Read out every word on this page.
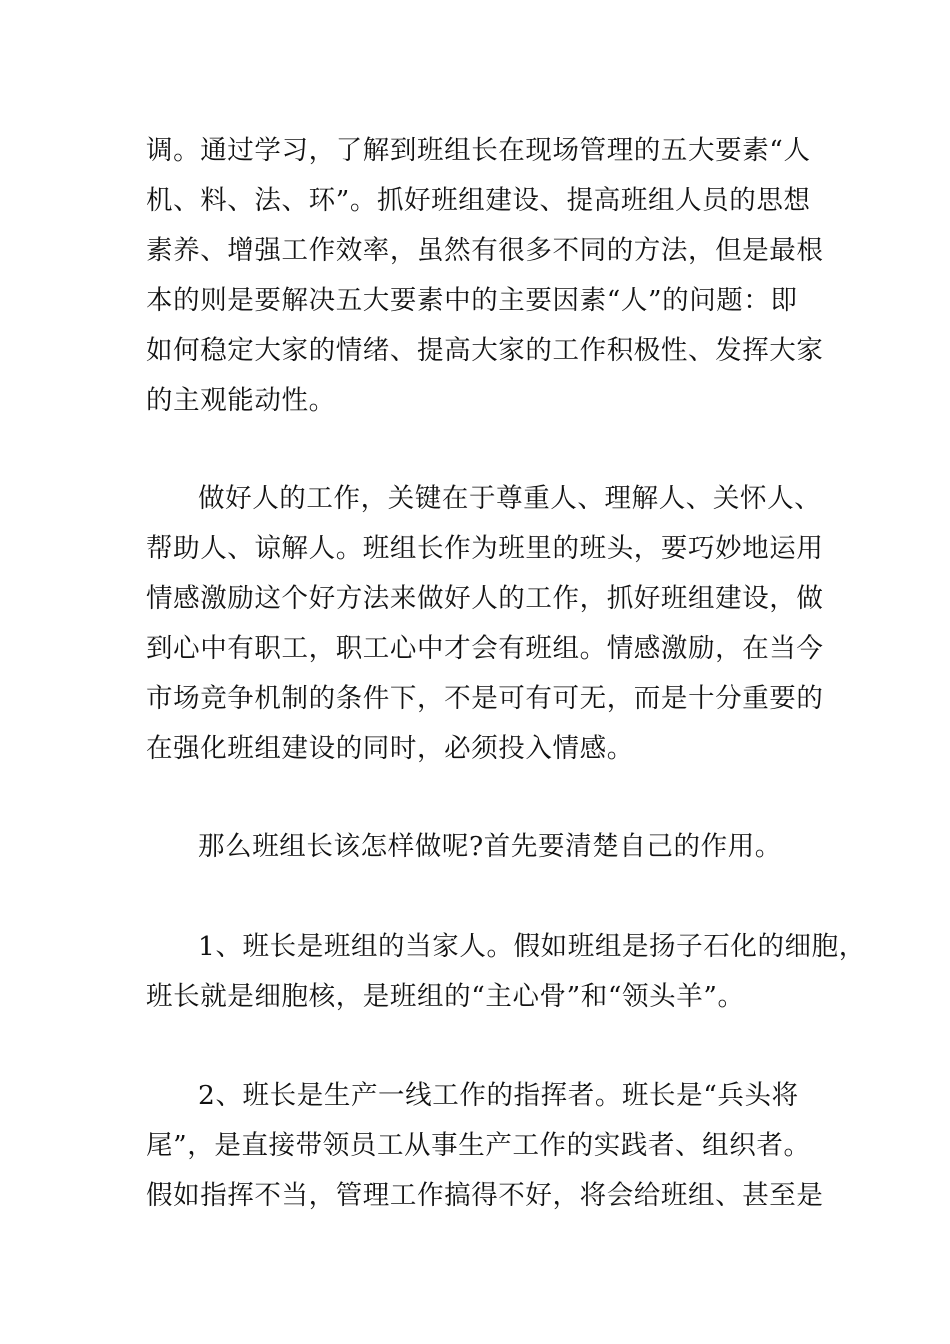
调。通过学习，了解到班组长在现场管理的五大要素“人
机、料、法、环”。抓好班组建设、提高班组人员的思想
素养、增强工作效率，虽然有很多不同的方法，但是最根
本的则是要解决五大要素中的主要因素“人”的问题：即
如何稳定大家的情绪、提高大家的工作积极性、发挥大家
的主观能动性。

做好人的工作，关键在于尊重人、理解人、关怀人、
帮助人、谅解人。班组长作为班里的班头，要巧妙地运用
情感激励这个好方法来做好人的工作，抓好班组建设，做
到心中有职工，职工心中才会有班组。情感激励，在当今
市场竞争机制的条件下，不是可有可无，而是十分重要的
在强化班组建设的同时，必须投入情感。

那么班组长该怎样做呢?首先要清楚自己的作用。

1、班长是班组的当家人。假如班组是扬子石化的细胞，
班长就是细胞核，是班组的“主心骨”和“领头羊”。

2、班长是生产一线工作的指挥者。班长是“兵头将
尾”，是直接带领员工从事生产工作的实践者、组织者。
假如指挥不当，管理工作搞得不好，将会给班组、甚至是
